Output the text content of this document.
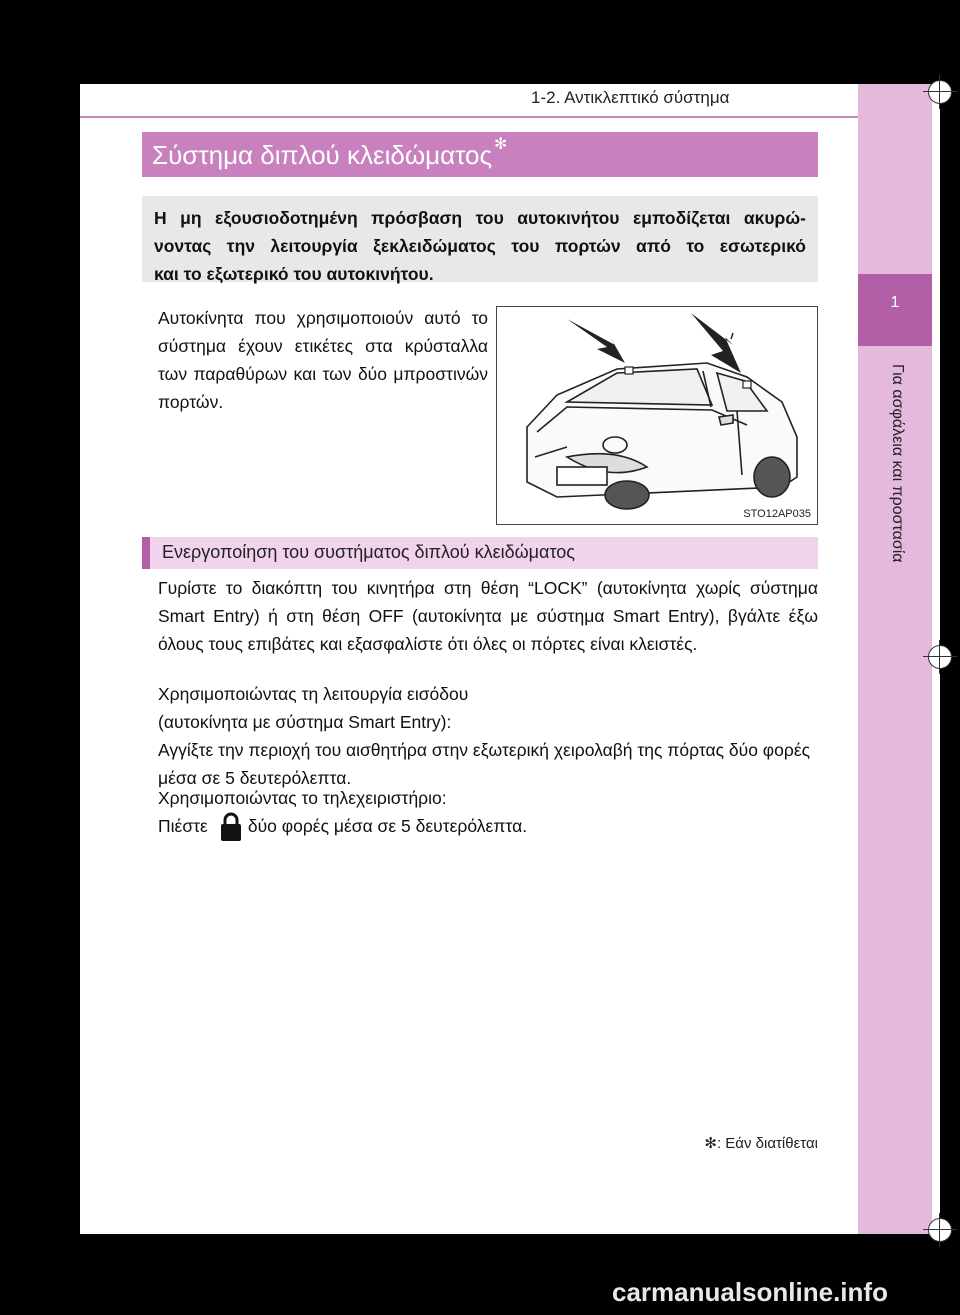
1-2. Αντικλεπτικό σύστημα
1
Για ασφάλεια και προστασία
Σύστημα διπλού κλειδώματος ✻
Η μη εξουσιοδοτημένη πρόσβαση του αυτοκινήτου εμποδίζεται ακυρώ-
νοντας την λειτουργία ξεκλειδώματος του πορτών από το εσωτερικό
και το εξωτερικό του αυτοκινήτου.
Αυτοκίνητα που χρησιμοποιούν αυτό το σύστημα έχουν ετικέτες στα κρύσταλλα των παραθύρων και των δύο μπροστινών πορτών.
STO12AP035
Ενεργοποίηση του συστήματος διπλού κλειδώματος
Γυρίστε το διακόπτη του κινητήρα στη θέση “LOCK” (αυτοκίνητα χωρίς σύστημα Smart Entry) ή στη θέση OFF (αυτοκίνητα με σύστημα Smart Entry), βγάλτε έξω όλους τους επιβάτες και εξασφαλίστε ότι όλες οι πόρτες είναι κλειστές.
Χρησιμοποιώντας τη λειτουργία εισόδου
(αυτοκίνητα με σύστημα Smart Entry):
Αγγίξτε την περιοχή του αισθητήρα στην εξωτερική χειρολαβή της πόρτας δύο φορές μέσα σε 5 δευτερόλεπτα.
Χρησιμοποιώντας το τηλεχειριστήριο:
Πιέστε δύο φορές μέσα σε 5 δευτερόλεπτα.
✻: Εάν διατίθεται
carmanualsonline.info
